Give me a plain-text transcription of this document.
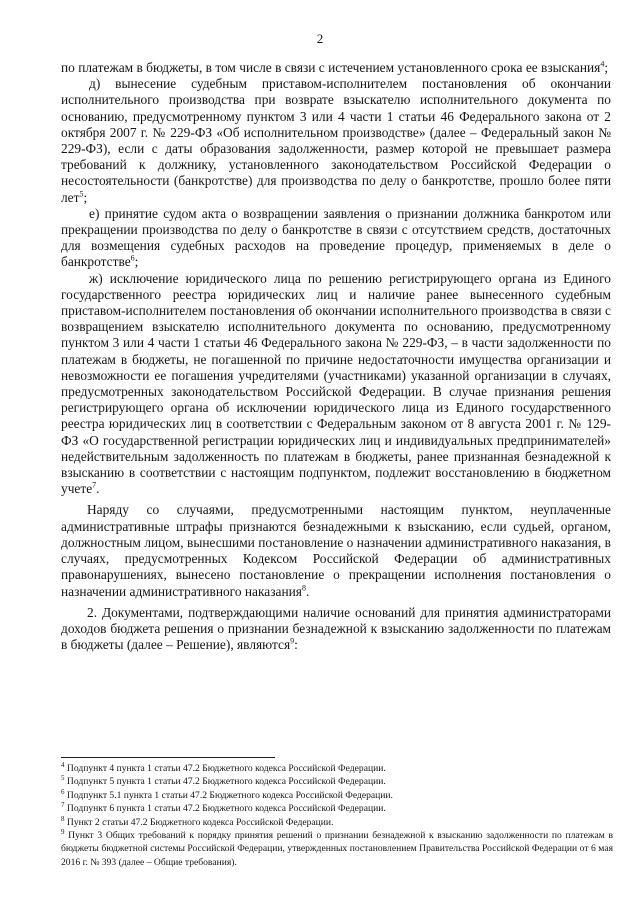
2

по платежам в бюджеты, в том числе в связи с истечением установленного срока ее взыскания$^4$;

д) вынесение судебным приставом-исполнителем постановления об окончании исполнительного производства при возврате взыскателю исполнительного документа по основанию, предусмотренному пунктом 3 или 4 части 1 статьи 46 Федерального закона от 2 октября 2007 г. № 229-ФЗ «Об исполнительном производстве» (далее – Федеральный закон № 229-ФЗ), если с даты образования задолженности, размер которой не превышает размера требований к должнику, установленного законодательством Российской Федерации о несостоятельности (банкротстве) для производства по делу о банкротстве, прошло более пяти лет$^5$;

е) принятие судом акта о возвращении заявления о признании должника банкротом или прекращении производства по делу о банкротстве в связи с отсутствием средств, достаточных для возмещения судебных расходов на проведение процедур, применяемых в деле о банкротстве$^6$;

ж) исключение юридического лица по решению регистрирующего органа из Единого государственного реестра юридических лиц и наличие ранее вынесенного судебным приставом-исполнителем постановления об окончании исполнительного производства в связи с возвращением взыскателю исполнительного документа по основанию, предусмотренному пунктом 3 или 4 части 1 статьи 46 Федерального закона № 229-ФЗ, – в части задолженности по платежам в бюджеты, не погашенной по причине недостаточности имущества организации и невозможности ее погашения учредителями (участниками) указанной организации в случаях, предусмотренных законодательством Российской Федерации. В случае признания решения регистрирующего органа об исключении юридического лица из Единого государственного реестра юридических лиц в соответствии с Федеральным законом от 8 августа 2001 г. № 129-ФЗ «О государственной регистрации юридических лиц и индивидуальных предпринимателей» недействительным задолженность по платежам в бюджеты, ранее признанная безнадежной к взысканию в соответствии с настоящим подпунктом, подлежит восстановлению в бюджетном учете$^7$.

Наряду со случаями, предусмотренными настоящим пунктом, неуплаченные административные штрафы признаются безнадежными к взысканию, если судьей, органом, должностным лицом, вынесшими постановление о назначении административного наказания, в случаях, предусмотренных Кодексом Российской Федерации об административных правонарушениях, вынесено постановление о прекращении исполнения постановления о назначении административного наказания$^8$.

2. Документами, подтверждающими наличие оснований для принятия администраторами доходов бюджета решения о признании безнадежной к взысканию задолженности по платежам в бюджеты (далее – Решение), являются$^9$:

$^4$ Подпункт 4 пункта 1 статьи 47.2 Бюджетного кодекса Российской Федерации.

$^5$ Подпункт 5 пункта 1 статьи 47.2 Бюджетного кодекса Российской Федерации.

$^6$ Подпункт 5.1 пункта 1 статьи 47.2 Бюджетного кодекса Российской Федерации.

$^7$ Подпункт 6 пункта 1 статьи 47.2 Бюджетного кодекса Российской Федерации.

$^8$ Пункт 2 статьи 47.2 Бюджетного кодекса Российской Федерации.

$^9$ Пункт 3 Общих требований к порядку принятия решений о признании безнадежной к взысканию задолженности по платежам в бюджеты бюджетной системы Российской Федерации, утвержденных постановлением Правительства Российской Федерации от 6 мая 2016 г. № 393 (далее – Общие требования).
